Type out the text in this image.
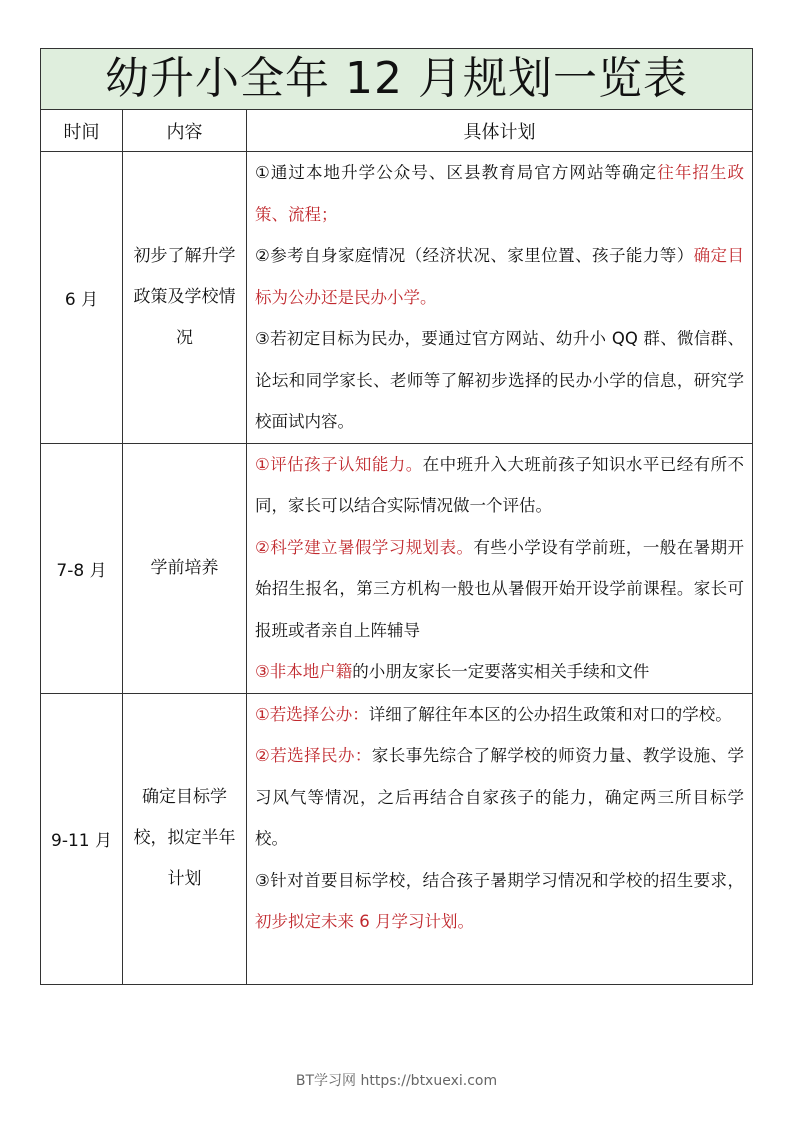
幼升小全年 12 月规划一览表		
时间	内容	具体计划
6 月	初步了解升学政策及学校情况	①通过本地升学公众号、区县教育局官方网站等确定往年招生政策、流程；

②参考自身家庭情况（经济状况、家里位置、孩子能力等）确定目标为公办还是民办小学。

③若初定目标为民办，要通过官方网站、幼升小 QQ 群、微信群、论坛和同学家长、老师等了解初步选择的民办小学的信息，研究学校面试内容。

7-8 月	学前培养	①评估孩子认知能力。在中班升入大班前孩子知识水平已经有所不同，家长可以结合实际情况做一个评估。

②科学建立暑假学习规划表。有些小学设有学前班，一般在暑期开始招生报名，第三方机构一般也从暑假开始开设学前课程。家长可报班或者亲自上阵辅导

③非本地户籍的小朋友家长一定要落实相关手续和文件

9-11 月	确定目标学校，拟定半年计划	①若选择公办：详细了解往年本区的公办招生政策和对口的学校。

②若选择民办：家长事先综合了解学校的师资力量、教学设施、学习风气等情况，之后再结合自家孩子的能力，确定两三所目标学校。

③针对首要目标学校，结合孩子暑期学习情况和学校的招生要求，初步拟定未来 6 月学习计划。

BT学习网 https://btxuexi.com
